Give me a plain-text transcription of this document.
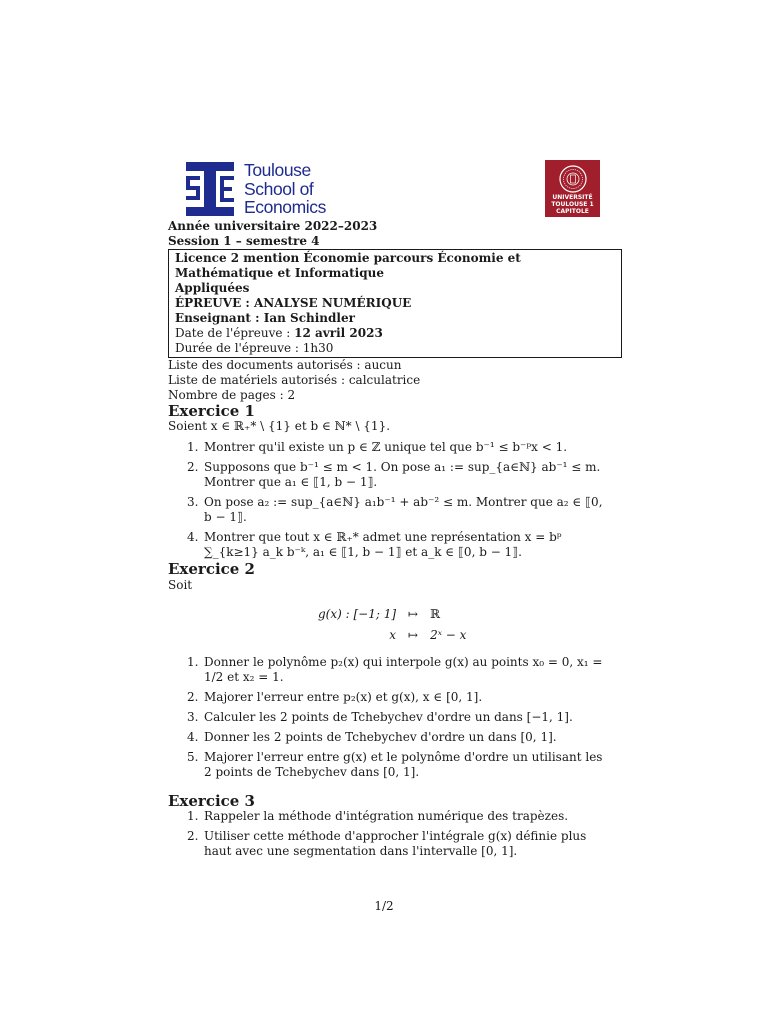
Toulouse
School of
Economics	UNIVERSITÉ
TOULOUSE 1
CAPITOLE
Année universitaire 2022–2023
Session 1 – semestre 4
Licence 2 mention Économie parcours Économie et Mathématique et Informatique
Appliquées
ÉPREUVE : ANALYSE NUMÉRIQUE
Enseignant : Ian Schindler
Date de l'épreuve : 12 avril 2023
Durée de l'épreuve : 1h30
Liste des documents autorisés : aucun
Liste de matériels autorisés : calculatrice
Nombre de pages : 2
Exercice 1
Soient x ∈ ℝ₊* \ {1} et b ∈ ℕ* \ {1}.
1. Montrer qu'il existe un p ∈ ℤ unique tel que b⁻¹ ≤ b⁻ᵖx < 1.
2. Supposons que b⁻¹ ≤ m < 1. On pose a₁ := sup_{a∈ℕ} ab⁻¹ ≤ m. Montrer que a₁ ∈ ⟦1, b − 1⟧.
3. On pose a₂ := sup_{a∈ℕ} a₁b⁻¹ + ab⁻² ≤ m. Montrer que a₂ ∈ ⟦0, b − 1⟧.
4. Montrer que tout x ∈ ℝ₊* admet une représentation x = bᵖ ∑_{k≥1} a_k b⁻ᵏ, a₁ ∈ ⟦1, b − 1⟧ et a_k ∈ ⟦0, b − 1⟧.
Exercice 2
Soit
g(x) : [−1; 1]	↦	ℝ
x	↦	2ˣ − x
1. Donner le polynôme p₂(x) qui interpole g(x) au points x₀ = 0, x₁ = 1/2 et x₂ = 1.
2. Majorer l'erreur entre p₂(x) et g(x), x ∈ [0, 1].
3. Calculer les 2 points de Tchebychev d'ordre un dans [−1, 1].
4. Donner les 2 points de Tchebychev d'ordre un dans [0, 1].
5. Majorer l'erreur entre g(x) et le polynôme d'ordre un utilisant les 2 points de Tchebychev dans [0, 1].
Exercice 3
1. Rappeler la méthode d'intégration numérique des trapèzes.
2. Utiliser cette méthode d'approcher l'intégrale g(x) définie plus haut avec une segmentation dans l'intervalle [0, 1].
1/2
